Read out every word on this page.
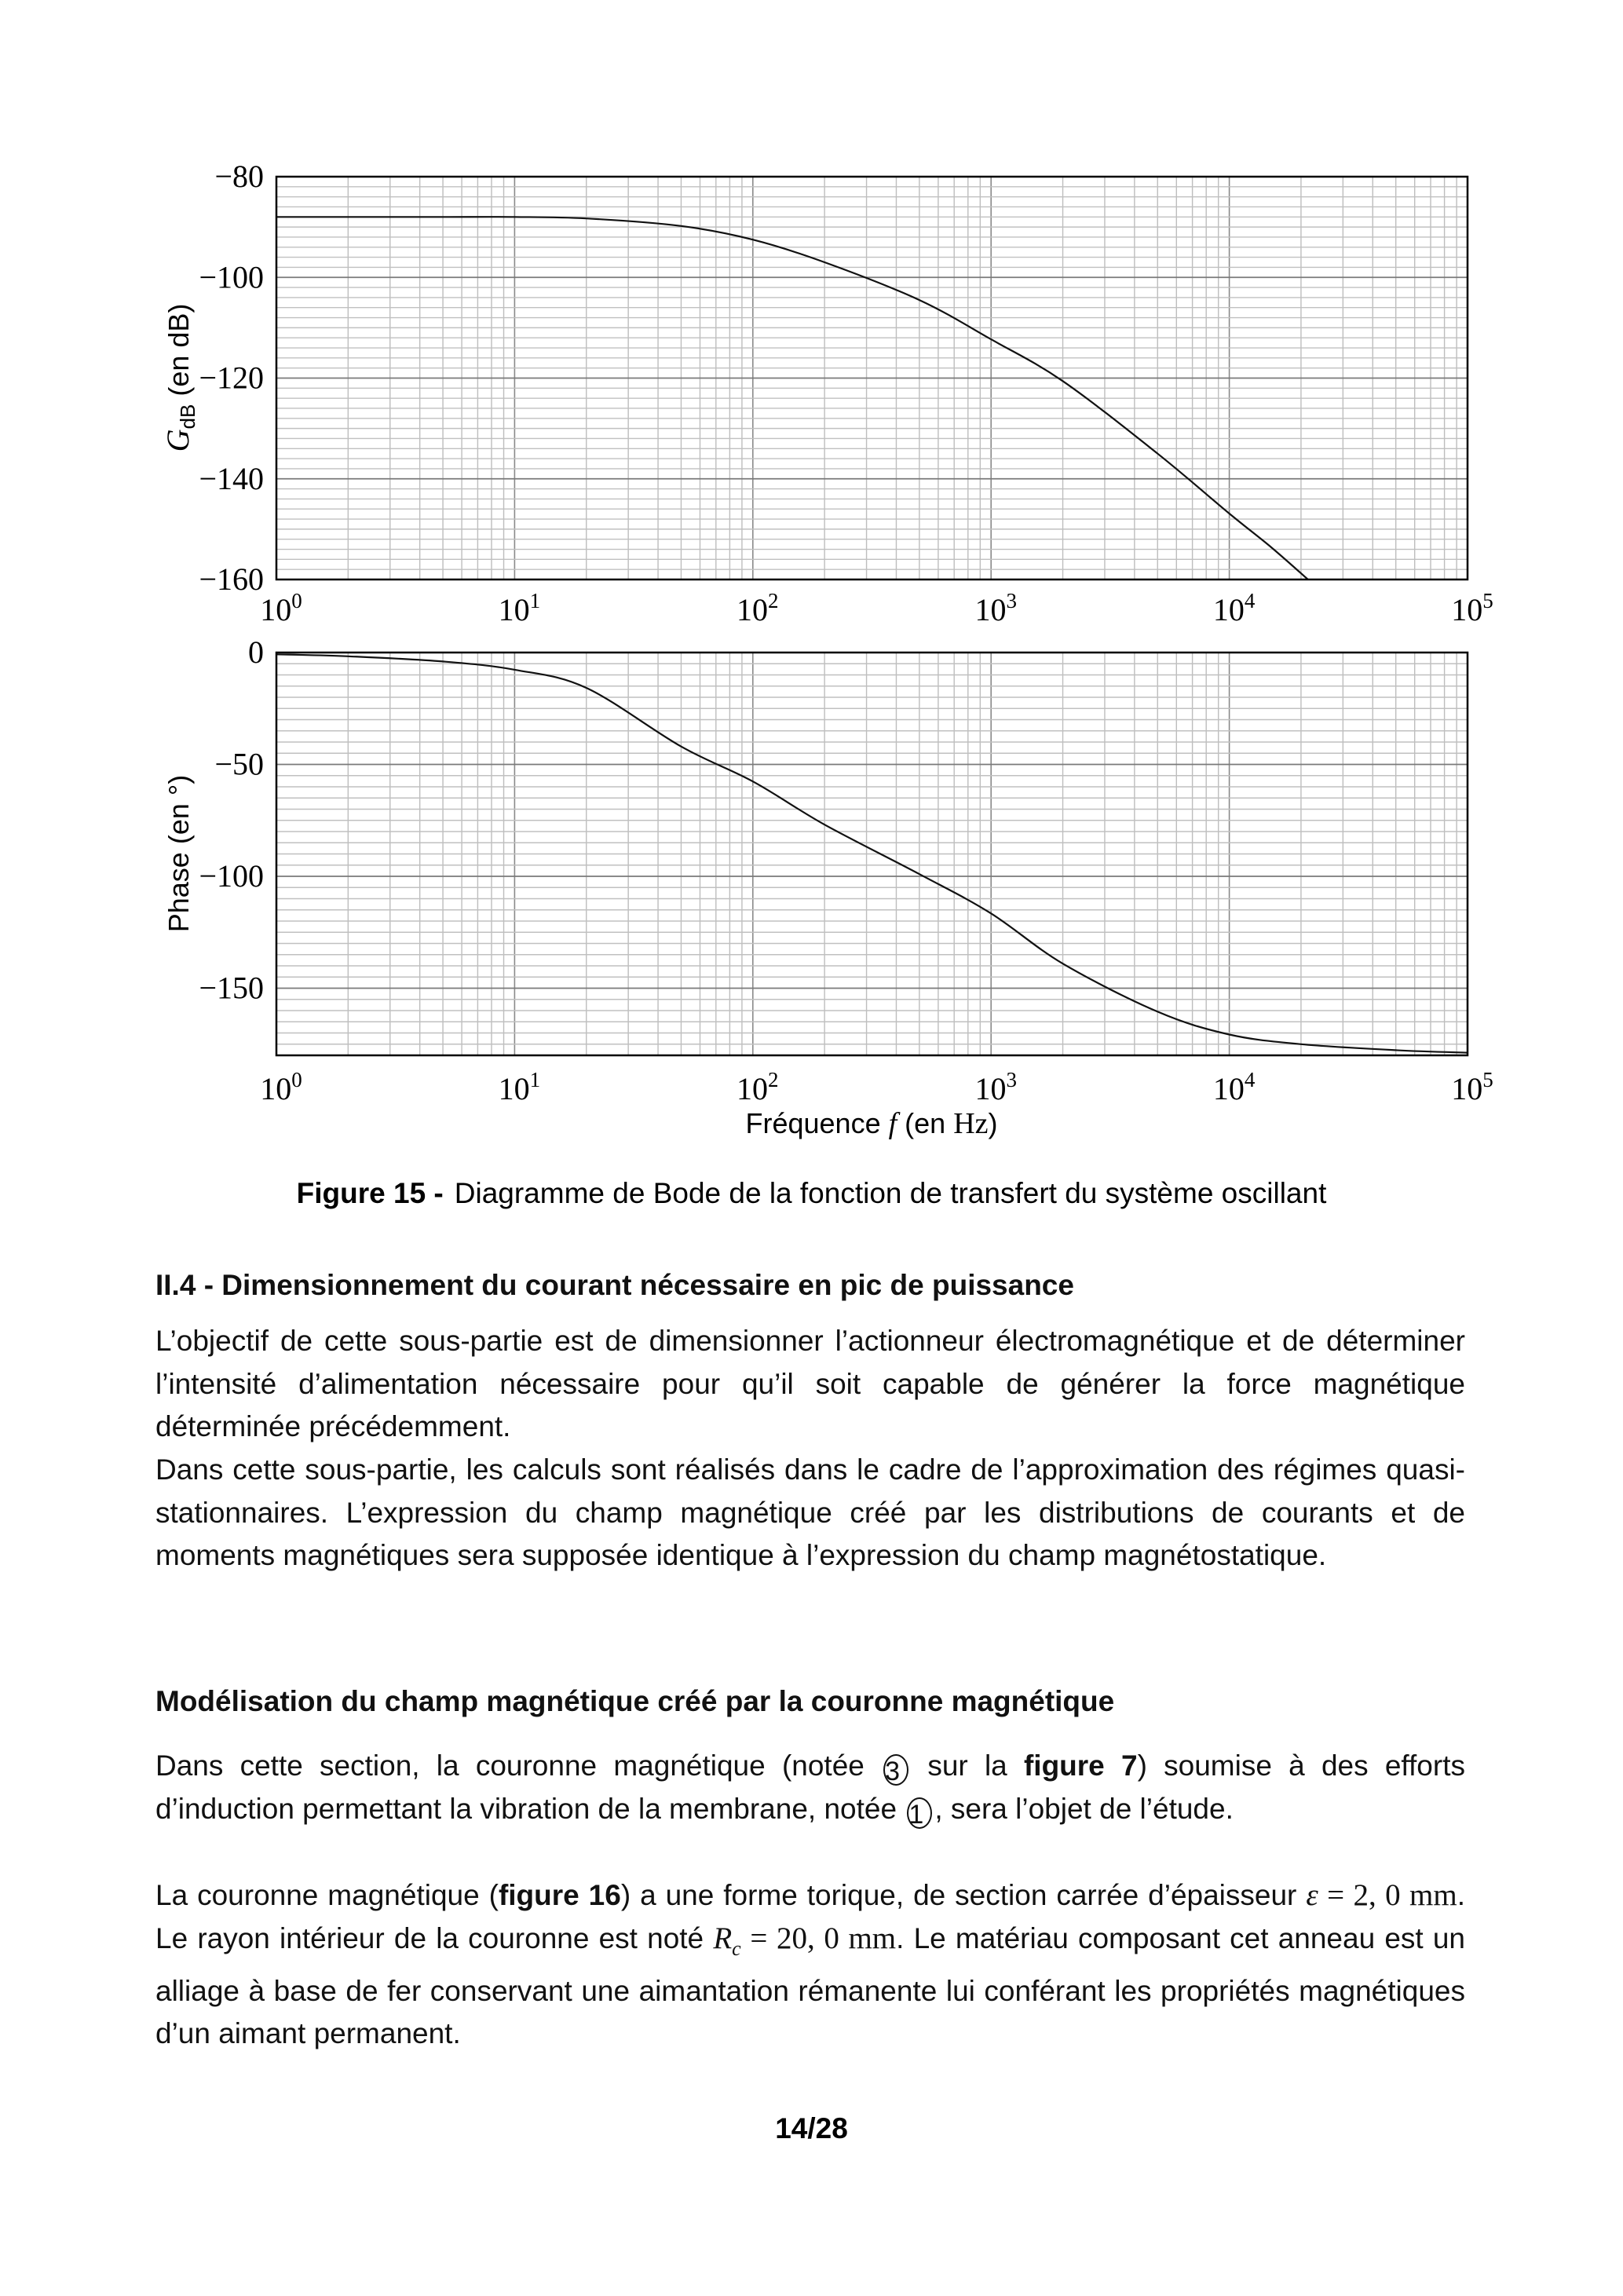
−80
−100
−120
−140
−160
0
−50
−100
−150
$10^0$	$10^1$	$10^2$	$10^3$	$10^4$	$10^5$
$10^0$	$10^1$	$10^2$	$10^3$	$10^4$	$10^5$
$G_{dB}$ (en dB)
Phase (en °)
Fréquence f (en Hz)
Figure 15 - Diagramme de Bode de la fonction de transfert du système oscillant
II.4 - Dimensionnement du courant nécessaire en pic de puissance
L’objectif de cette sous-partie est de dimensionner l’actionneur électromagnétique et de déterminer l’intensité d’alimentation nécessaire pour qu’il soit capable de générer la force magnétique déterminée précédemment.
Dans cette sous-partie, les calculs sont réalisés dans le cadre de l’approximation des régimes quasi-stationnaires. L’expression du champ magnétique créé par les distributions de courants et de moments magnétiques sera supposée identique à l’expression du champ magnétostatique.
Modélisation du champ magnétique créé par la couronne magnétique
Dans cette section, la couronne magnétique (notée 3 sur la figure 7) soumise à des efforts d’induction permettant la vibration de la membrane, notée 1 , sera l’objet de l’étude.
La couronne magnétique (figure 16) a une forme torique, de section carrée d’épaisseur ε = 2, 0 mm. Le rayon intérieur de la couronne est noté $R_c = 20$, 0 mm. Le matériau composant cet anneau est un alliage à base de fer conservant une aimantation rémanente lui conférant les propriétés magnétiques d’un aimant permanent.
14/28
